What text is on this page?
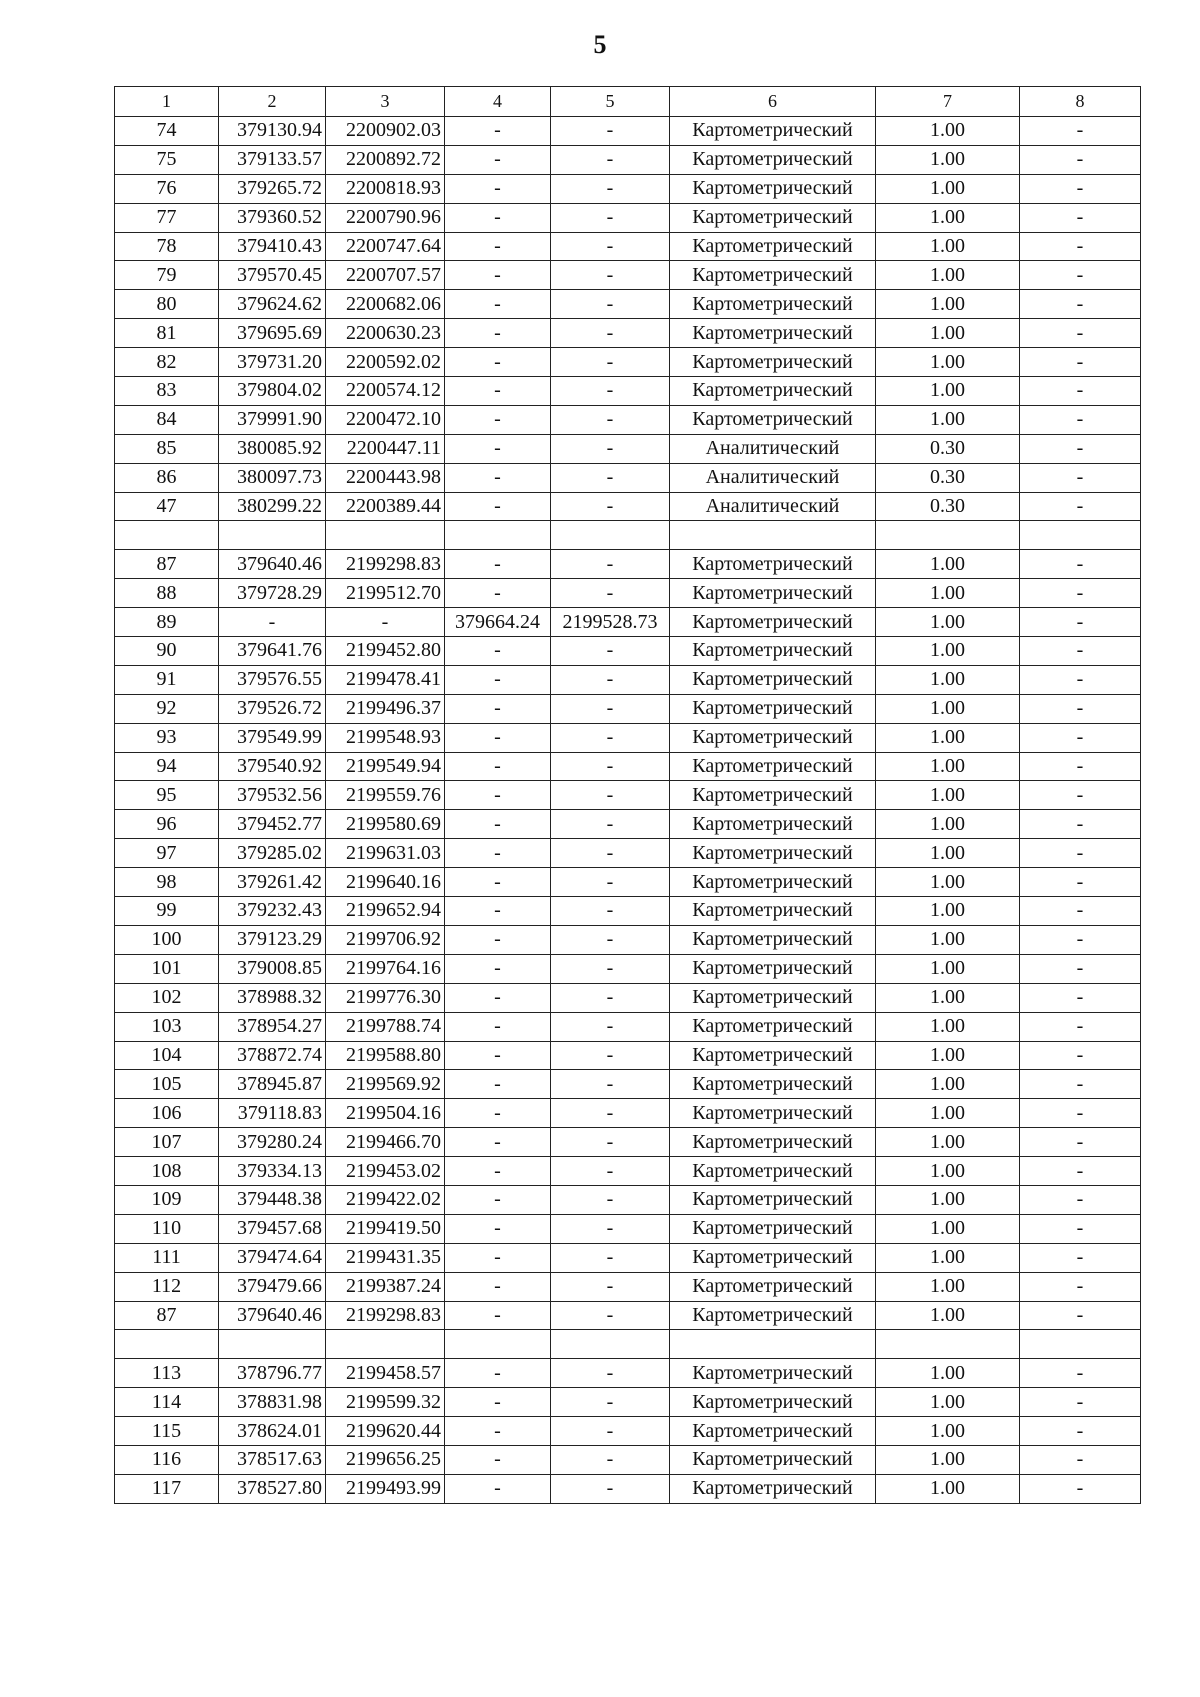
5
1	2	3	4	5	6	7	8
74	379130.94	2200902.03	-	-	Картометрический	1.00	-
75	379133.57	2200892.72	-	-	Картометрический	1.00	-
76	379265.72	2200818.93	-	-	Картометрический	1.00	-
77	379360.52	2200790.96	-	-	Картометрический	1.00	-
78	379410.43	2200747.64	-	-	Картометрический	1.00	-
79	379570.45	2200707.57	-	-	Картометрический	1.00	-
80	379624.62	2200682.06	-	-	Картометрический	1.00	-
81	379695.69	2200630.23	-	-	Картометрический	1.00	-
82	379731.20	2200592.02	-	-	Картометрический	1.00	-
83	379804.02	2200574.12	-	-	Картометрический	1.00	-
84	379991.90	2200472.10	-	-	Картометрический	1.00	-
85	380085.92	2200447.11	-	-	Аналитический	0.30	-
86	380097.73	2200443.98	-	-	Аналитический	0.30	-
47	380299.22	2200389.44	-	-	Аналитический	0.30	-

87	379640.46	2199298.83	-	-	Картометрический	1.00	-
88	379728.29	2199512.70	-	-	Картометрический	1.00	-
89	-	-	379664.24	2199528.73	Картометрический	1.00	-
90	379641.76	2199452.80	-	-	Картометрический	1.00	-
91	379576.55	2199478.41	-	-	Картометрический	1.00	-
92	379526.72	2199496.37	-	-	Картометрический	1.00	-
93	379549.99	2199548.93	-	-	Картометрический	1.00	-
94	379540.92	2199549.94	-	-	Картометрический	1.00	-
95	379532.56	2199559.76	-	-	Картометрический	1.00	-
96	379452.77	2199580.69	-	-	Картометрический	1.00	-
97	379285.02	2199631.03	-	-	Картометрический	1.00	-
98	379261.42	2199640.16	-	-	Картометрический	1.00	-
99	379232.43	2199652.94	-	-	Картометрический	1.00	-
100	379123.29	2199706.92	-	-	Картометрический	1.00	-
101	379008.85	2199764.16	-	-	Картометрический	1.00	-
102	378988.32	2199776.30	-	-	Картометрический	1.00	-
103	378954.27	2199788.74	-	-	Картометрический	1.00	-
104	378872.74	2199588.80	-	-	Картометрический	1.00	-
105	378945.87	2199569.92	-	-	Картометрический	1.00	-
106	379118.83	2199504.16	-	-	Картометрический	1.00	-
107	379280.24	2199466.70	-	-	Картометрический	1.00	-
108	379334.13	2199453.02	-	-	Картометрический	1.00	-
109	379448.38	2199422.02	-	-	Картометрический	1.00	-
110	379457.68	2199419.50	-	-	Картометрический	1.00	-
111	379474.64	2199431.35	-	-	Картометрический	1.00	-
112	379479.66	2199387.24	-	-	Картометрический	1.00	-
87	379640.46	2199298.83	-	-	Картометрический	1.00	-

113	378796.77	2199458.57	-	-	Картометрический	1.00	-
114	378831.98	2199599.32	-	-	Картометрический	1.00	-
115	378624.01	2199620.44	-	-	Картометрический	1.00	-
116	378517.63	2199656.25	-	-	Картометрический	1.00	-
117	378527.80	2199493.99	-	-	Картометрический	1.00	-
